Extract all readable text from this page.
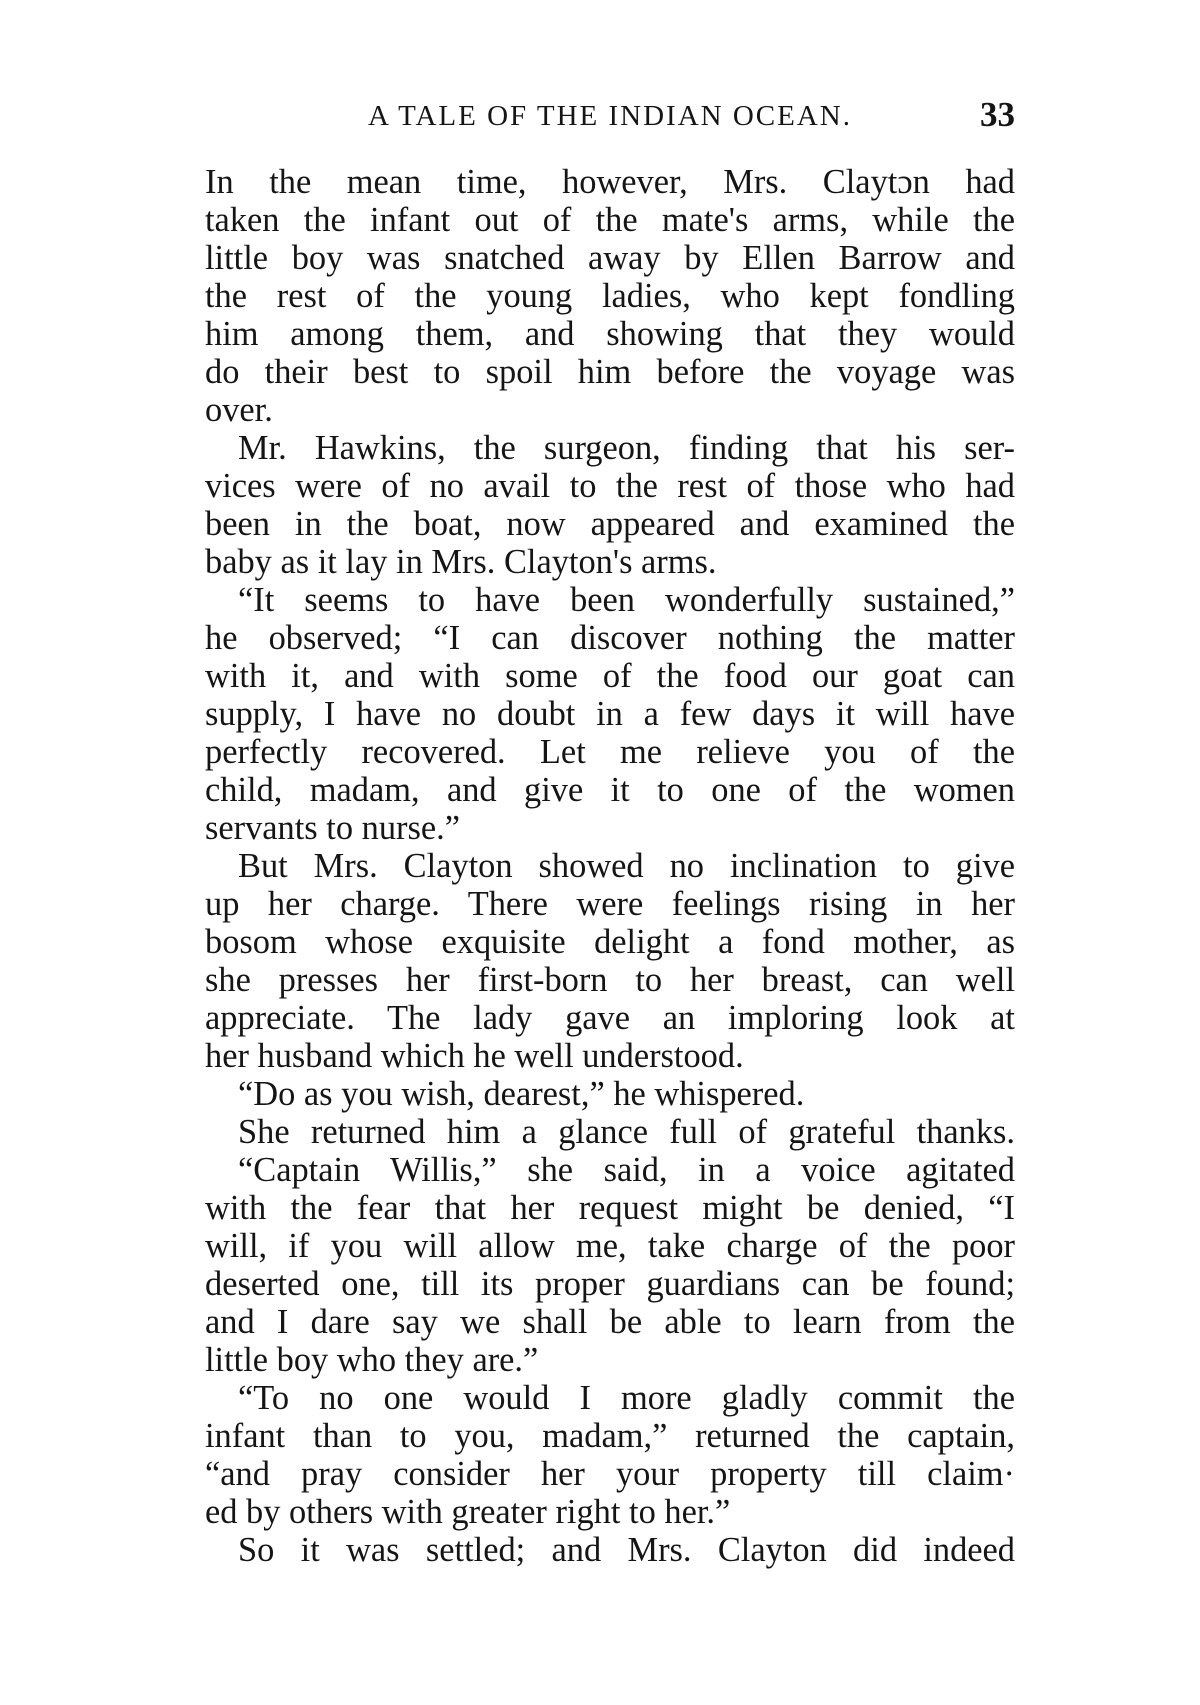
A TALE OF THE INDIAN OCEAN.	33
In the mean time, however, Mrs. Claytɔn had
taken the infant out of the mate's arms, while the
little boy was snatched away by Ellen Barrow and
the rest of the young ladies, who kept fondling
him among them, and showing that they would
do their best to spoil him before the voyage was
over.
Mr. Hawkins, the surgeon, finding that his ser-
vices were of no avail to the rest of those who had
been in the boat, now appeared and examined the
baby as it lay in Mrs. Clayton's arms.
“It seems to have been wonderfully sustained,”
he observed; “I can discover nothing the matter
with it, and with some of the food our goat can
supply, I have no doubt in a few days it will have
perfectly recovered. Let me relieve you of the
child, madam, and give it to one of the women
servants to nurse.”
But Mrs. Clayton showed no inclination to give
up her charge. There were feelings rising in her
bosom whose exquisite delight a fond mother, as
she presses her first-born to her breast, can well
appreciate. The lady gave an imploring look at
her husband which he well understood.
“Do as you wish, dearest,” he whispered.
She returned him a glance full of grateful thanks.
“Captain Willis,” she said, in a voice agitated
with the fear that her request might be denied, “I
will, if you will allow me, take charge of the poor
deserted one, till its proper guardians can be found;
and I dare say we shall be able to learn from the
little boy who they are.”
“To no one would I more gladly commit the
infant than to you, madam,” returned the captain,
“and pray consider her your property till claim·
ed by others with greater right to her.”
So it was settled; and Mrs. Clayton did indeed
